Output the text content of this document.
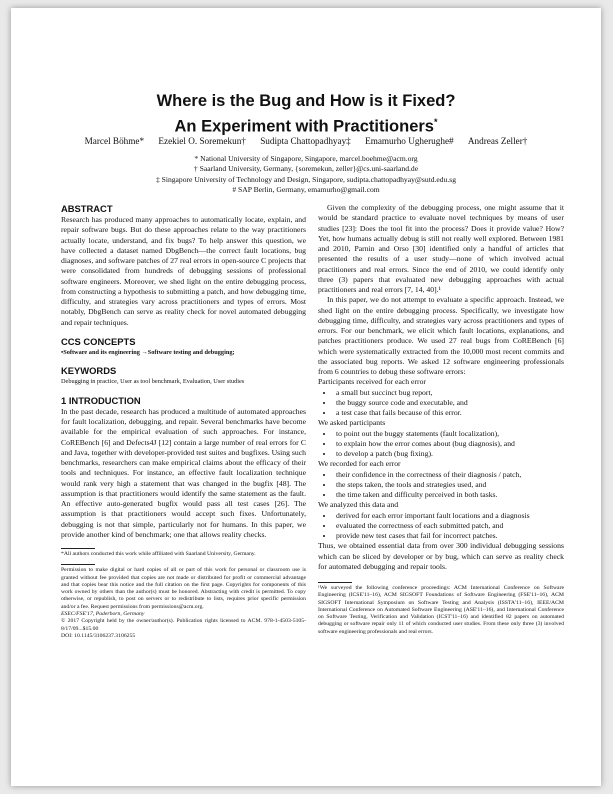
Where is the Bug and How is it Fixed?
An Experiment with Practitioners*
Marcel Böhme* Ezekiel O. Soremekun† Sudipta Chattopadhyay‡ Emamurho Ugherughe# Andreas Zeller†
* National University of Singapore, Singapore, marcel.boehme@acm.org
† Saarland University, Germany, {soremekun, zeller}@cs.uni-saarland.de
‡ Singapore University of Technology and Design, Singapore, sudipta.chattopadhyay@sutd.edu.sg
# SAP Berlin, Germany, emamurho@gmail.com
ABSTRACT

Research has produced many approaches to automatically locate, explain, and repair software bugs. But do these approaches relate to the way practitioners actually locate, understand, and fix bugs? To help answer this question, we have collected a dataset named DbgBench—the correct fault locations, bug diagnoses, and software patches of 27 real errors in open-source C projects that were consolidated from hundreds of debugging sessions of professional software engineers. Moreover, we shed light on the entire debugging process, from constructing a hypothesis to submitting a patch, and how debugging time, difficulty, and strategies vary across practitioners and types of errors. Most notably, DbgBench can serve as reality check for novel automated debugging and repair techniques.

CCS CONCEPTS

•Software and its engineering →Software testing and debugging;

KEYWORDS

Debugging in practice, User as tool benchmark, Evaluation, User studies

1 INTRODUCTION

In the past decade, research has produced a multitude of automated approaches for fault localization, debugging, and repair. Several benchmarks have become available for the empirical evaluation of such approaches. For instance, CoREBench [6] and Defects4J [12] contain a large number of real errors for C and Java, together with developer-provided test suites and bugfixes. Using such benchmarks, researchers can make empirical claims about the efficacy of their tools and techniques. For instance, an effective fault localization technique would rank very high a statement that was changed in the bugfix [48]. The assumption is that practitioners would identify the same statement as the fault. An effective auto-generated bugfix would pass all test cases [26]. The assumption is that practitioners would accept such fixes. Unfortunately, debugging is not that simple, particularly not for humans. In this paper, we provide another kind of benchmark; one that allows reality checks.

*All authors conducted this work while affiliated with Saarland University, Germany.

Permission to make digital or hard copies of all or part of this work for personal or classroom use is granted without fee provided that copies are not made or distributed for profit or commercial advantage and that copies bear this notice and the full citation on the first page. Copyrights for components of this work owned by others than the author(s) must be honored. Abstracting with credit is permitted. To copy otherwise, or republish, to post on servers or to redistribute to lists, requires prior specific permission and/or a fee. Request permissions from permissions@acm.org.

ESEC/FSE'17, Paderborn, Germany

© 2017 Copyright held by the owner/author(s). Publication rights licensed to ACM. 978-1-4503-5105-8/17/09...$15.00

DOI: 10.1145/3106237.3106255

Given the complexity of the debugging process, one might assume that it would be standard practice to evaluate novel techniques by means of user studies [23]: Does the tool fit into the process? Does it provide value? How? Yet, how humans actually debug is still not really well explored. Between 1981 and 2010, Parnin and Orso [30] identified only a handful of articles that presented the results of a user study—none of which involved actual practitioners and real errors. Since the end of 2010, we could identify only three (3) papers that evaluated new debugging approaches with actual practitioners and real errors [7, 14, 40].¹

In this paper, we do not attempt to evaluate a specific approach. Instead, we shed light on the entire debugging process. Specifically, we investigate how debugging time, difficulty, and strategies vary across practitioners and types of errors. For our benchmark, we elicit which fault locations, explanations, and patches practitioners produce. We used 27 real bugs from CoREBench [6] which were systematically extracted from the 10,000 most recent commits and the associated bug reports. We asked 12 software engineering professionals from 6 countries to debug these software errors:

Participants received for each error

• a small but succinct bug report,
• the buggy source code and executable, and
• a test case that fails because of this error.

We asked participants

• to point out the buggy statements (fault localization),
• to explain how the error comes about (bug diagnosis), and
• to develop a patch (bug fixing).

We recorded for each error

• their confidence in the correctness of their diagnosis / patch,
• the steps taken, the tools and strategies used, and
• the time taken and difficulty perceived in both tasks.

We analyzed this data and

• derived for each error important fault locations and a diagnosis
• evaluated the correctness of each submitted patch, and
• provide new test cases that fail for incorrect patches.

Thus, we obtained essential data from over 300 individual debugging sessions which can be sliced by developer or by bug, which can serve as reality check for automated debugging and repair tools.

¹We surveyed the following conference proceedings: ACM International Conference on Software Engineering (ICSE'11–16), ACM SIGSOFT Foundations of Software Engineering (FSE'11–16), ACM SIGSOFT International Symposium on Software Testing and Analysis (ISSTA'11–16), IEEE/ACM International Conference on Automated Software Engineering (ASE'11–16), and International Conference on Software Testing, Verification and Validation (ICST'11–16) and identified 82 papers on automated debugging or software repair only 11 of which conducted user studies. From these only three (3) involved software engineering professionals and real errors.
